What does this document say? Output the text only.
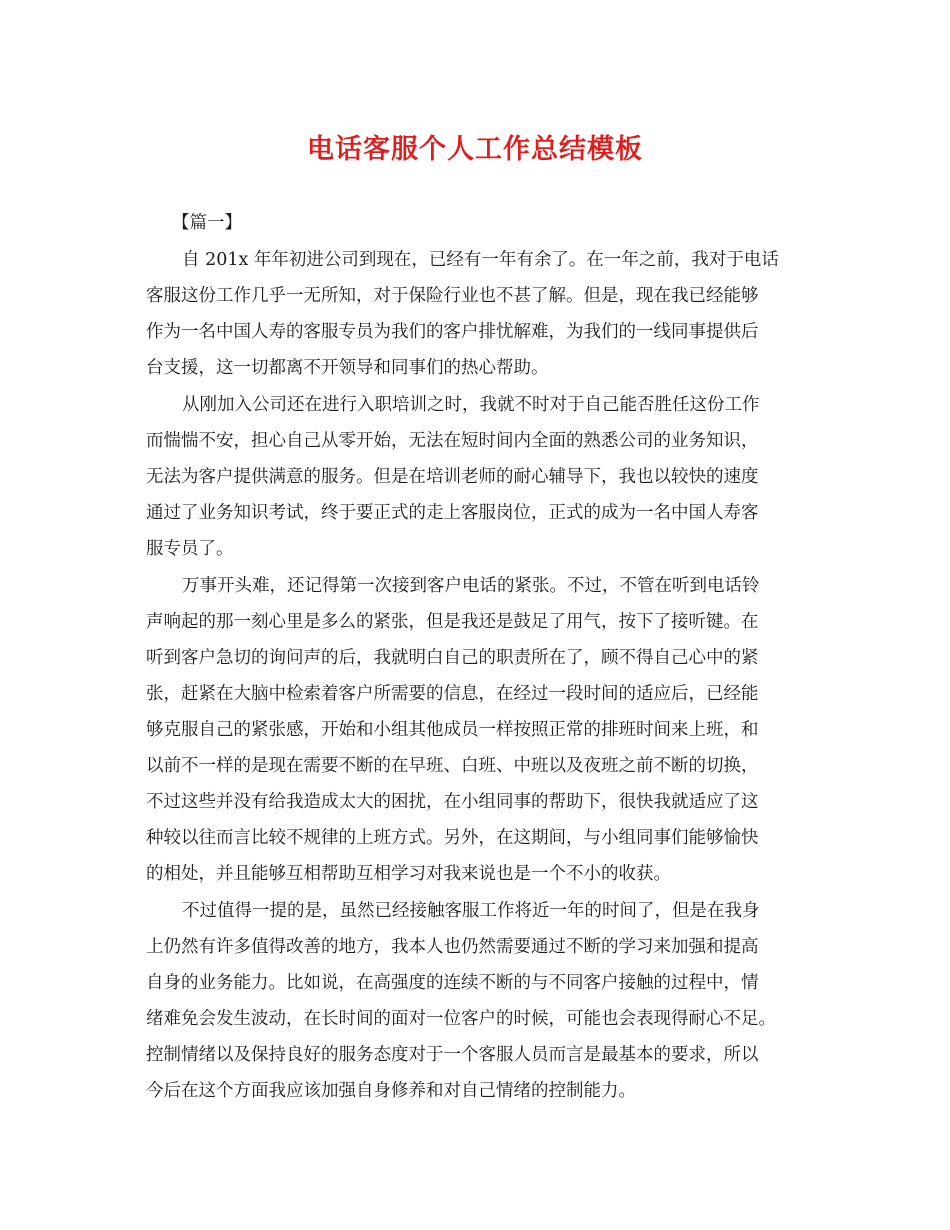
电话客服个人工作总结模板
【篇一】
自 201x 年年初进公司到现在，已经有一年有余了。在一年之前，我对于电话
客服这份工作几乎一无所知，对于保险行业也不甚了解。但是，现在我已经能够
作为一名中国人寿的客服专员为我们的客户排忧解难，为我们的一线同事提供后
台支援，这一切都离不开领导和同事们的热心帮助。
从刚加入公司还在进行入职培训之时，我就不时对于自己能否胜任这份工作
而惴惴不安，担心自己从零开始，无法在短时间内全面的熟悉公司的业务知识，
无法为客户提供满意的服务。但是在培训老师的耐心辅导下，我也以较快的速度
通过了业务知识考试，终于要正式的走上客服岗位，正式的成为一名中国人寿客
服专员了。
万事开头难，还记得第一次接到客户电话的紧张。不过，不管在听到电话铃
声响起的那一刻心里是多么的紧张，但是我还是鼓足了用气，按下了接听键。在
听到客户急切的询问声的后，我就明白自己的职责所在了，顾不得自己心中的紧
张，赶紧在大脑中检索着客户所需要的信息，在经过一段时间的适应后，已经能
够克服自己的紧张感，开始和小组其他成员一样按照正常的排班时间来上班，和
以前不一样的是现在需要不断的在早班、白班、中班以及夜班之前不断的切换，
不过这些并没有给我造成太大的困扰，在小组同事的帮助下，很快我就适应了这
种较以往而言比较不规律的上班方式。另外，在这期间，与小组同事们能够愉快
的相处，并且能够互相帮助互相学习对我来说也是一个不小的收获。
不过值得一提的是，虽然已经接触客服工作将近一年的时间了，但是在我身
上仍然有许多值得改善的地方，我本人也仍然需要通过不断的学习来加强和提高
自身的业务能力。比如说，在高强度的连续不断的与不同客户接触的过程中，情
绪难免会发生波动，在长时间的面对一位客户的时候，可能也会表现得耐心不足。
控制情绪以及保持良好的服务态度对于一个客服人员而言是最基本的要求，所以
今后在这个方面我应该加强自身修养和对自己情绪的控制能力。
